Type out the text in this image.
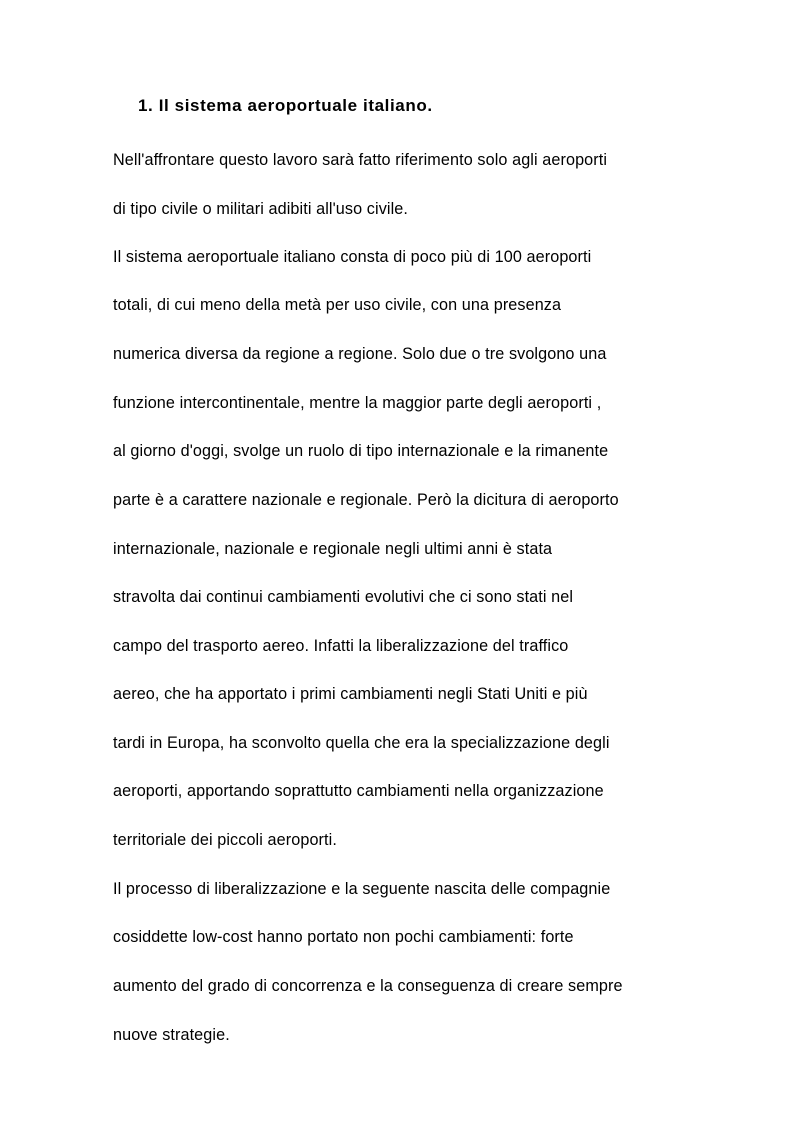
1. Il sistema aeroportuale italiano.
Nell'affrontare questo lavoro sarà fatto riferimento solo agli aeroporti
di tipo civile o militari adibiti all'uso civile.
Il sistema aeroportuale italiano consta di poco più di 100 aeroporti
totali, di cui meno della metà per uso civile, con una presenza
numerica diversa da regione a regione. Solo due o tre svolgono una
funzione intercontinentale, mentre la maggior parte degli aeroporti ,
al giorno d'oggi, svolge un ruolo di tipo internazionale e la rimanente
parte è a carattere nazionale e regionale. Però la dicitura di aeroporto
internazionale, nazionale e regionale negli ultimi anni è stata
stravolta dai continui cambiamenti evolutivi che ci sono stati nel
campo del trasporto aereo. Infatti la liberalizzazione del traffico
aereo, che ha apportato i primi cambiamenti negli Stati Uniti e più
tardi in Europa, ha sconvolto quella che era la specializzazione degli
aeroporti, apportando soprattutto cambiamenti nella organizzazione
territoriale dei piccoli aeroporti.
Il processo di liberalizzazione e la seguente nascita delle compagnie
cosiddette low-cost hanno portato non pochi cambiamenti: forte
aumento del grado di concorrenza e la conseguenza di creare sempre
nuove strategie.
